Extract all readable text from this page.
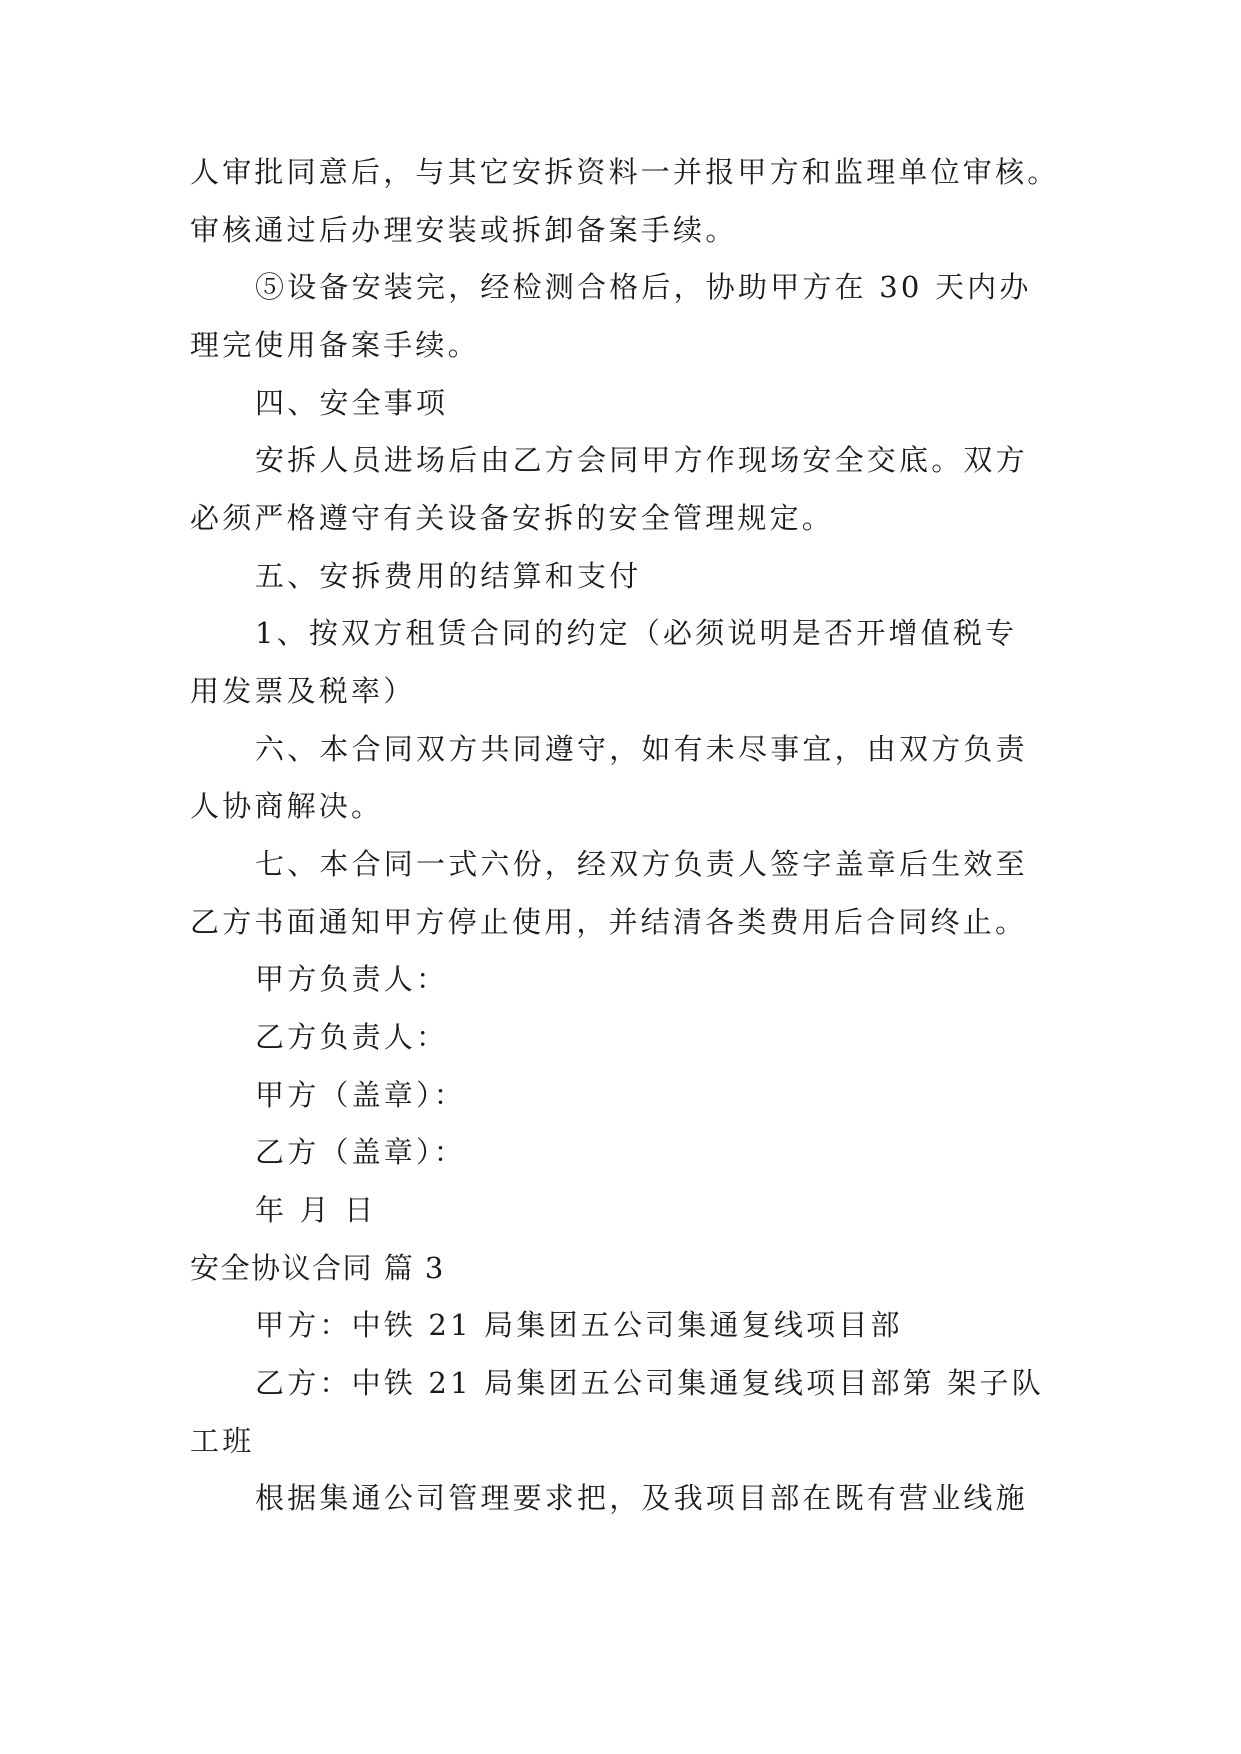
人审批同意后，与其它安拆资料一并报甲方和监理单位审核。
审核通过后办理安装或拆卸备案手续。
⑤设备安装完，经检测合格后，协助甲方在 30 天内办
理完使用备案手续。
四、安全事项
安拆人员进场后由乙方会同甲方作现场安全交底。双方
必须严格遵守有关设备安拆的安全管理规定。
五、安拆费用的结算和支付
1、按双方租赁合同的约定（必须说明是否开增值税专
用发票及税率）
六、本合同双方共同遵守，如有未尽事宜，由双方负责
人协商解决。
七、本合同一式六份，经双方负责人签字盖章后生效至
乙方书面通知甲方停止使用，并结清各类费用后合同终止。
甲方负责人：
乙方负责人：
甲方（盖章）：
乙方（盖章）：
年 月 日
安全协议合同 篇 3
甲方：中铁 21 局集团五公司集通复线项目部
乙方：中铁 21 局集团五公司集通复线项目部第 架子队
工班
根据集通公司管理要求把，及我项目部在既有营业线施
